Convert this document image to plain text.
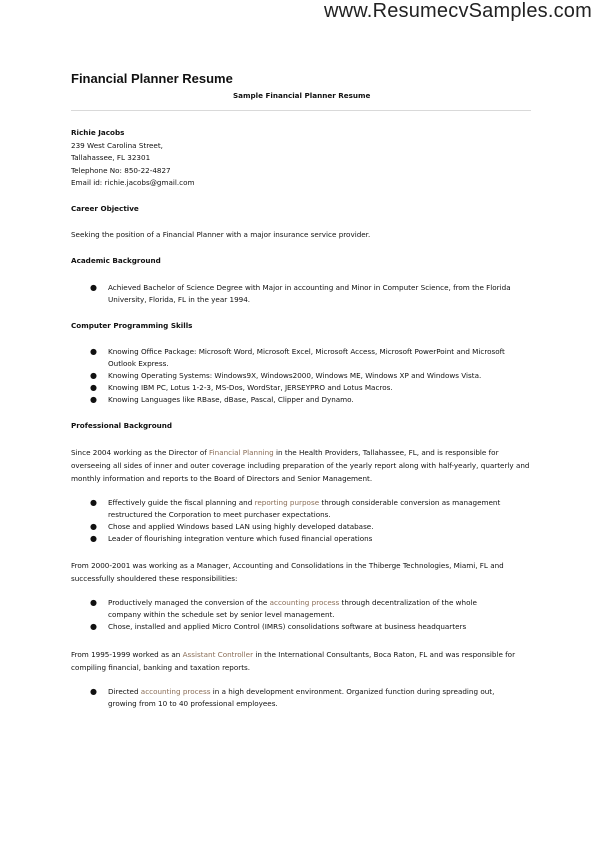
www.ResumecvSamples.com
Financial Planner Resume
Sample Financial Planner Resume
Richie Jacobs
239 West Carolina Street,
Tallahassee, FL 32301
Telephone No: 850-22-4827
Email id: richie.jacobs@gmail.com
Career Objective
Seeking the position of a Financial Planner with a major insurance service provider.
Academic Background
● Achieved Bachelor of Science Degree with Major in accounting and Minor in Computer Science, from the Florida University, Florida, FL in the year 1994.
Computer Programming Skills
● Knowing Office Package: Microsoft Word, Microsoft Excel, Microsoft Access, Microsoft PowerPoint and Microsoft Outlook Express.
● Knowing Operating Systems: Windows9X, Windows2000, Windows ME, Windows XP and Windows Vista.
● Knowing IBM PC, Lotus 1-2-3, MS-Dos, WordStar, JERSEYPRO and Lotus Macros.
● Knowing Languages like RBase, dBase, Pascal, Clipper and Dynamo.
Professional Background
Since 2004 working as the Director of Financial Planning in the Health Providers, Tallahassee, FL, and is responsible for overseeing all sides of inner and outer coverage including preparation of the yearly report along with half-yearly, quarterly and monthly information and reports to the Board of Directors and Senior Management.
● Effectively guide the fiscal planning and reporting purpose through considerable conversion as management restructured the Corporation to meet purchaser expectations.
● Chose and applied Windows based LAN using highly developed database.
● Leader of flourishing integration venture which fused financial operations
From 2000-2001 was working as a Manager, Accounting and Consolidations in the Thiberge Technologies, Miami, FL and successfully shouldered these responsibilities:
● Productively managed the conversion of the accounting process through decentralization of the whole company within the schedule set by senior level management.
● Chose, installed and applied Micro Control (IMRS) consolidations software at business headquarters
From 1995-1999 worked as an Assistant Controller in the International Consultants, Boca Raton, FL and was responsible for compiling financial, banking and taxation reports.
● Directed accounting process in a high development environment. Organized function during spreading out, growing from 10 to 40 professional employees.
